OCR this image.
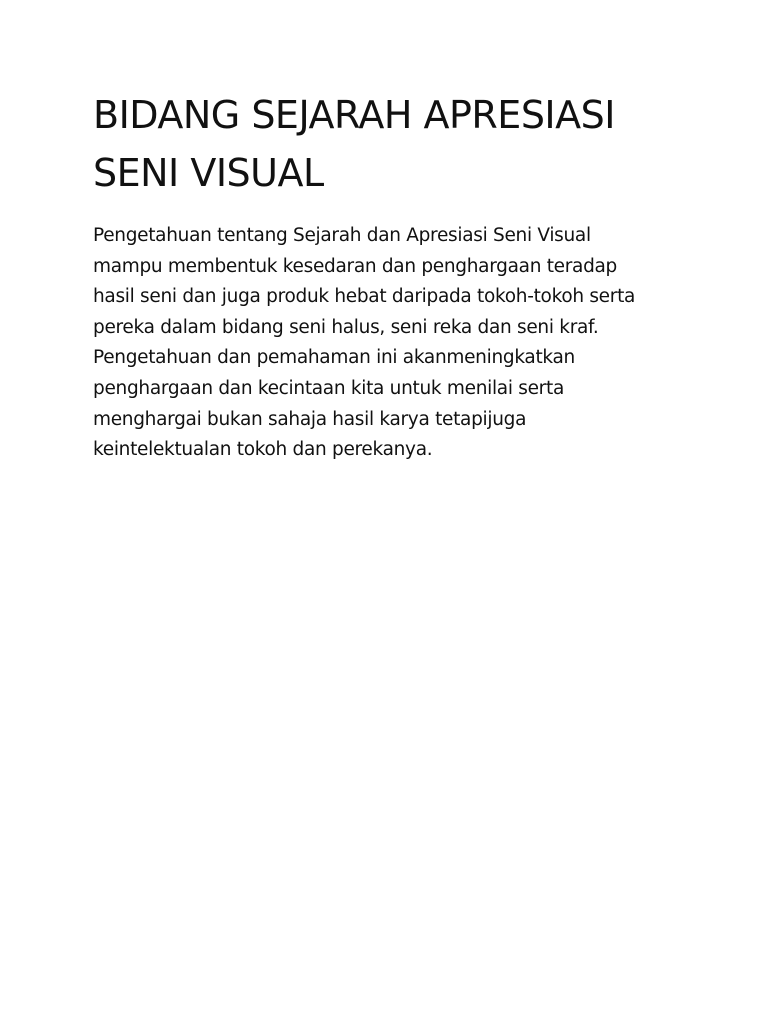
BIDANG SEJARAH APRESIASI
SENI VISUAL
Pengetahuan tentang Sejarah dan Apresiasi Seni Visual
mampu membentuk kesedaran dan penghargaan teradap
hasil seni dan juga produk hebat daripada tokoh-tokoh serta
pereka dalam bidang seni halus, seni reka dan seni kraf.
Pengetahuan dan pemahaman ini akanmeningkatkan
penghargaan dan kecintaan kita untuk menilai serta
menghargai bukan sahaja hasil karya tetapijuga
keintelektualan tokoh dan perekanya.
